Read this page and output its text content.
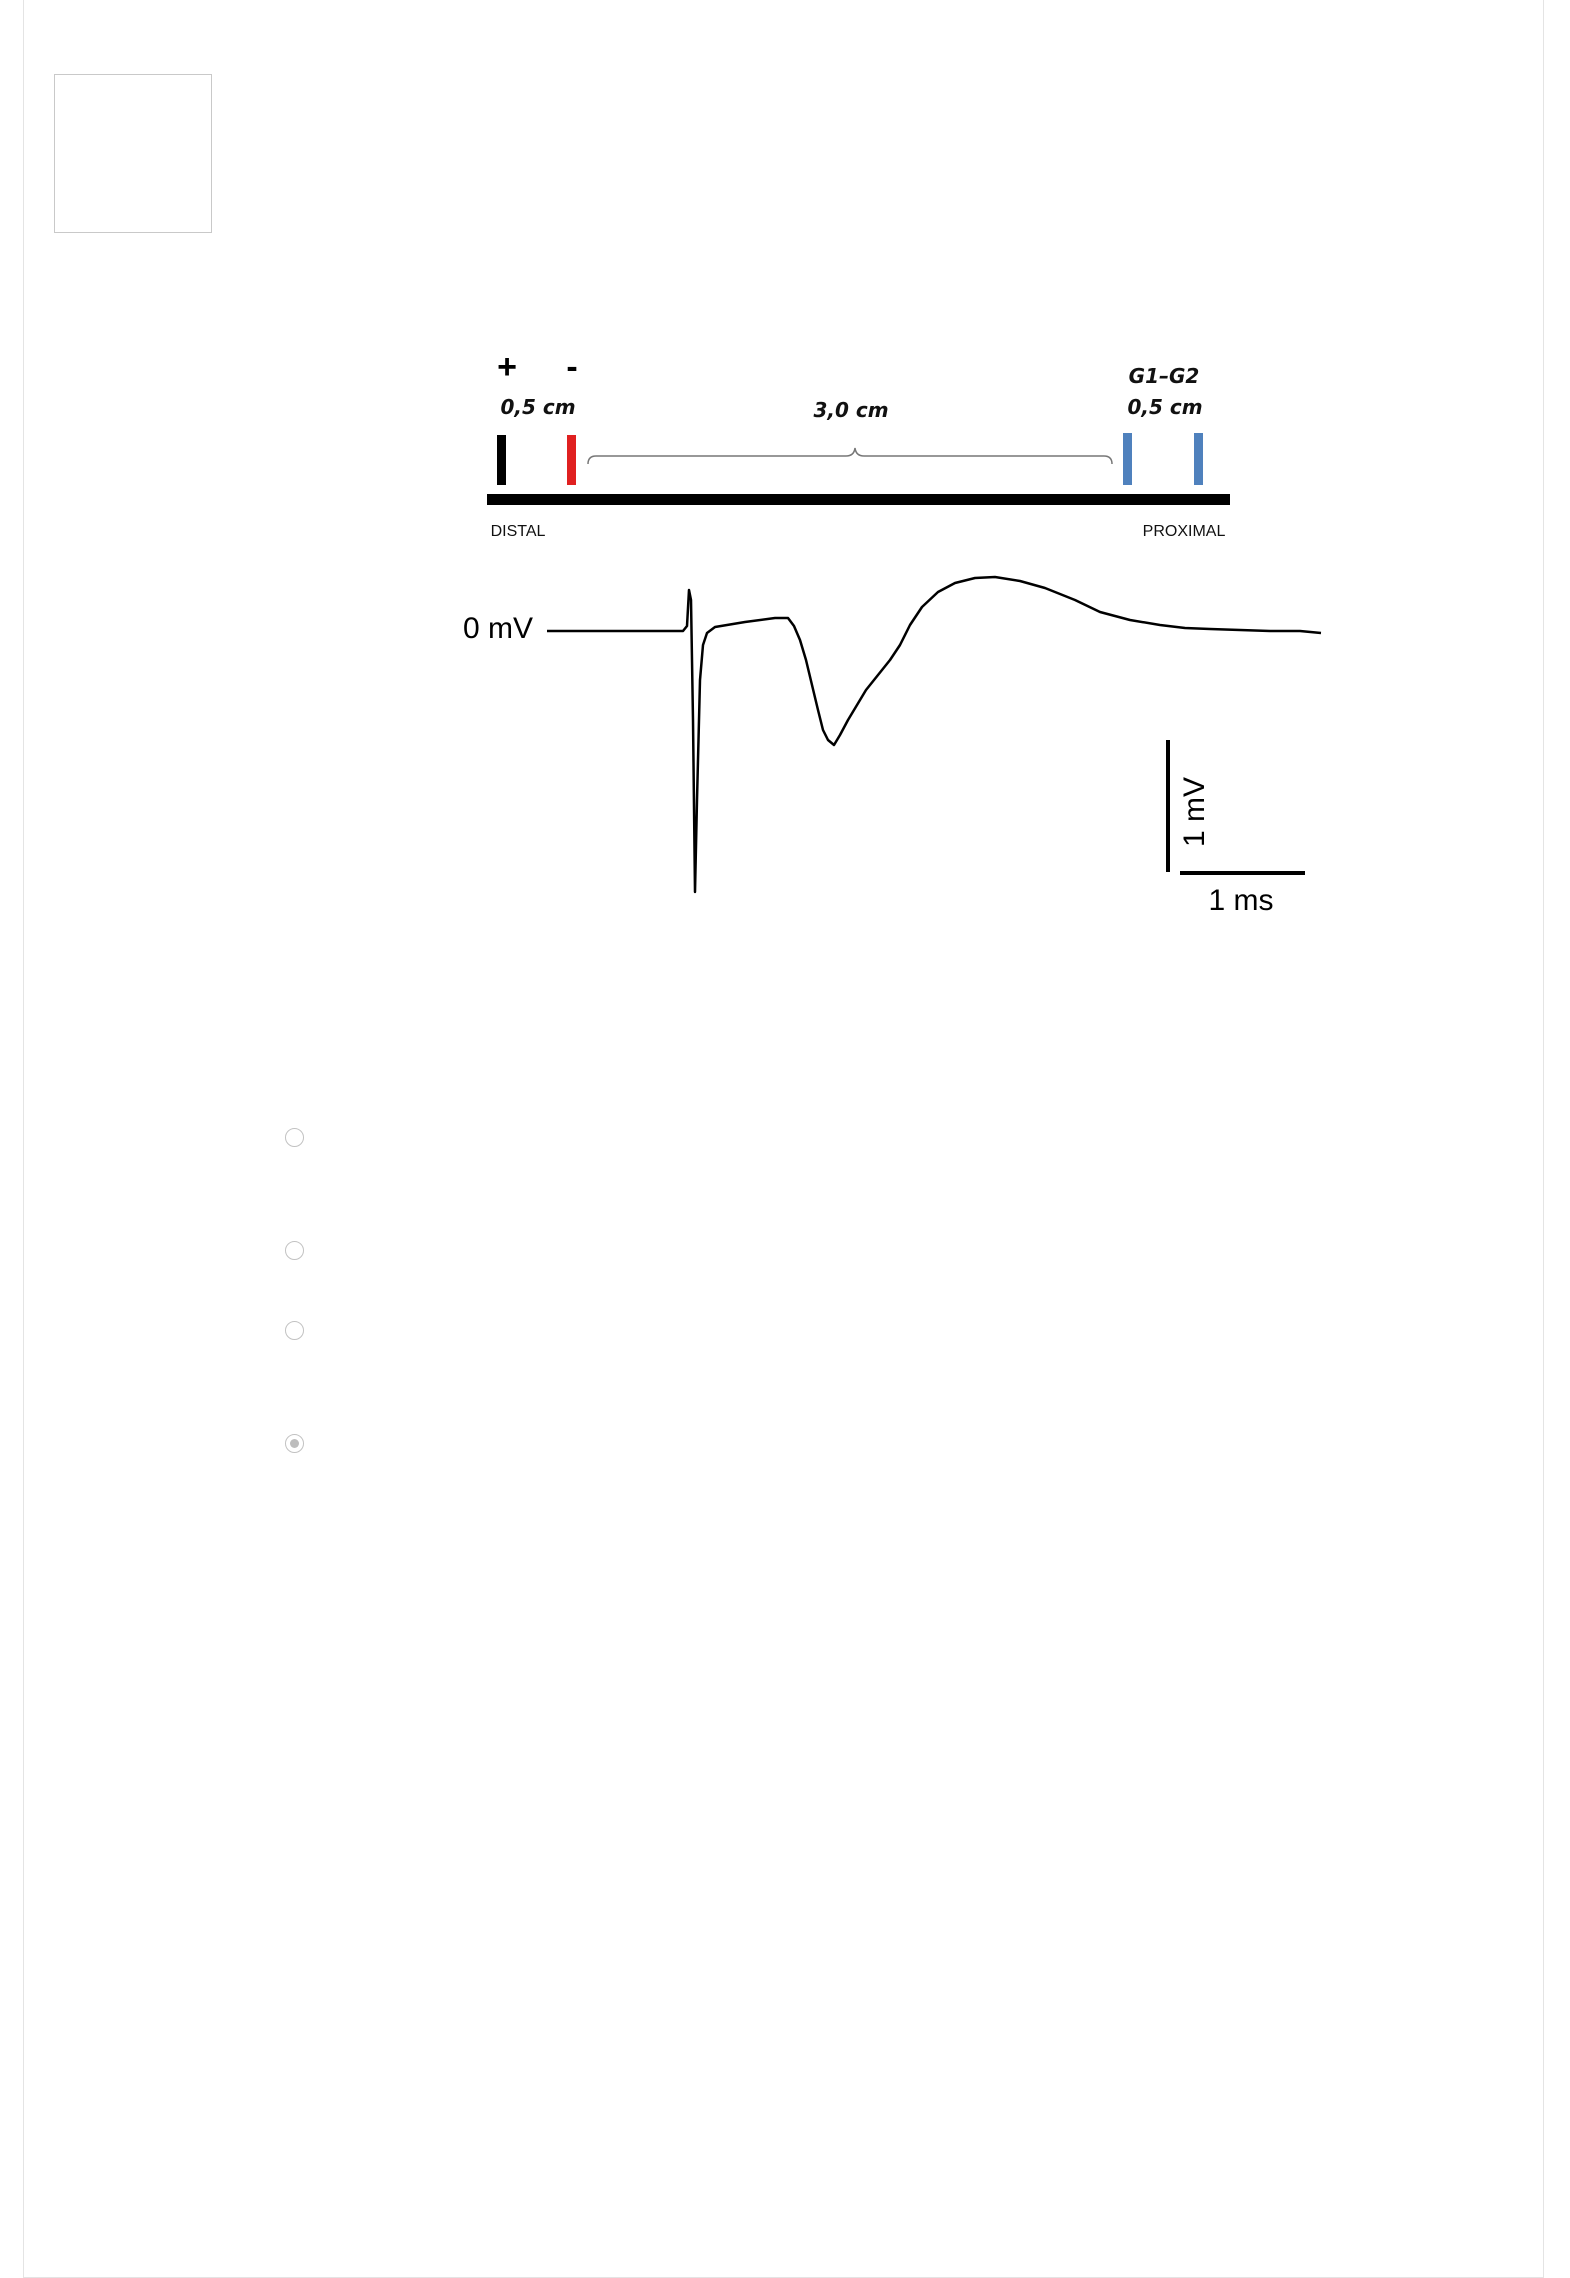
+ -
0,5 cm	3,0 cm
G1–G2
0,5 cm
DISTAL	PROXIMAL
0 mV
1 mV
1 ms
